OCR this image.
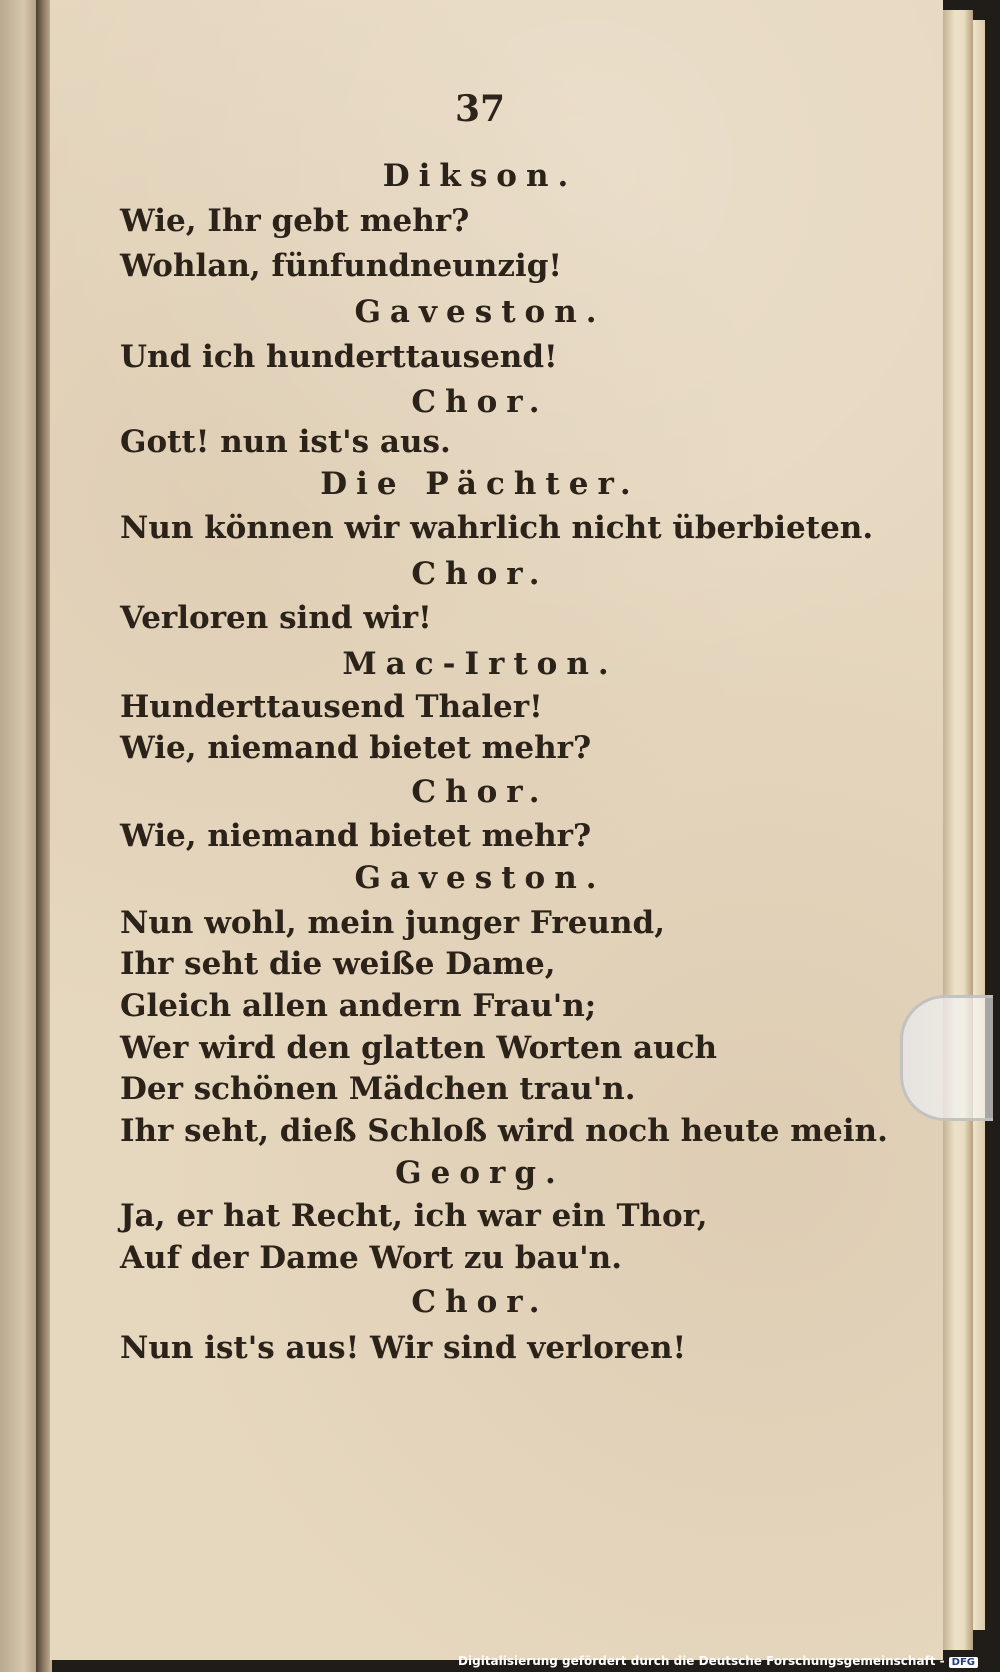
37
Dikson.
Wie, Ihr gebt mehr?
Wohlan, fünfundneunzig!
Gaveston.
Und ich hunderttausend!
Chor.
Gott! nun ist's aus.
Die Pächter.
Nun können wir wahrlich nicht überbieten.
Chor.
Verloren sind wir!
Mac-Irton.
Hunderttausend Thaler!
Wie, niemand bietet mehr?
Chor.
Wie, niemand bietet mehr?
Gaveston.
Nun wohl, mein junger Freund,
Ihr seht die weiße Dame,
Gleich allen andern Frau'n;
Wer wird den glatten Worten auch
Der schönen Mädchen trau'n.
Ihr seht, dieß Schloß wird noch heute mein.
Georg.
Ja, er hat Recht, ich war ein Thor,
Auf der Dame Wort zu bau'n.
Chor.
Nun ist's aus! Wir sind verloren!
Digitalisierung gefördert durch die Deutsche Forschungsgemeinschaft - DFG
